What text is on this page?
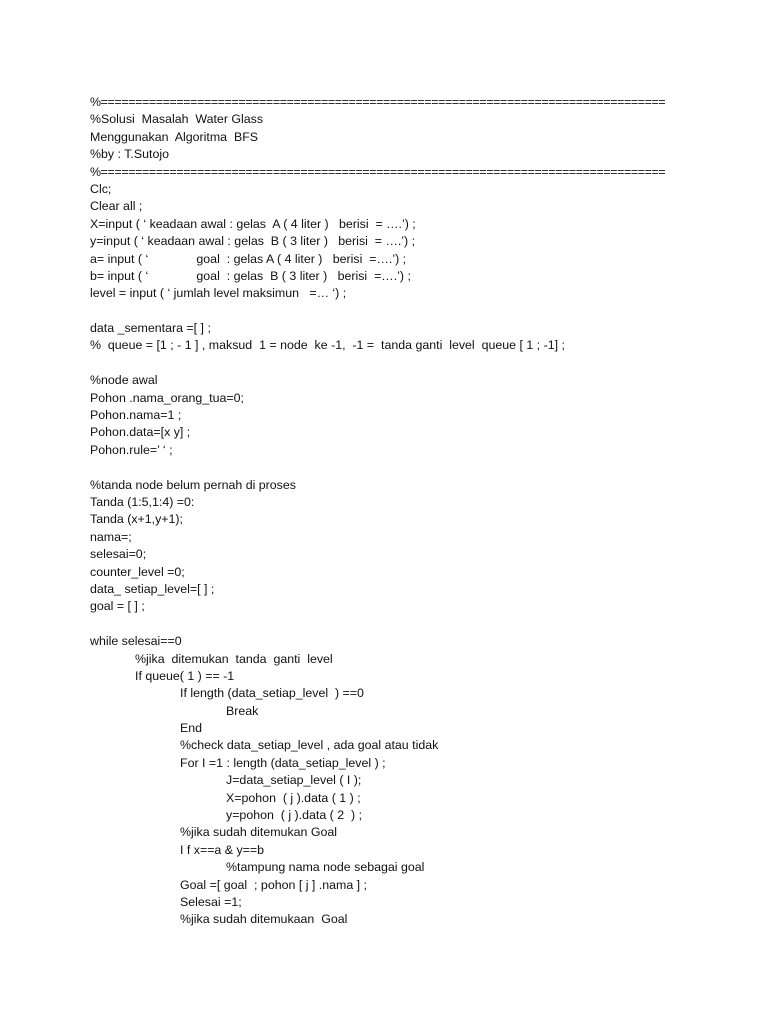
%==================================================================================
%Solusi  Masalah  Water Glass
Menggunakan  Algoritma  BFS
%by : T.Sutojo
%==================================================================================
Clc;
Clear all ;
X=input ( ‘ keadaan awal : gelas  A ( 4 liter )   berisi  = ….’) ;
y=input ( ‘ keadaan awal : gelas  B ( 3 liter )   berisi  = ….’) ;
a= input ( ‘              goal  : gelas A ( 4 liter )   berisi  =….’) ;
b= input ( ‘              goal  : gelas  B ( 3 liter )   berisi  =….’) ;
level = input ( ‘ jumlah level maksimun   =… ‘) ;
data _sementara =[ ] ;
%  queue = [1 ; - 1 ] , maksud  1 = node  ke -1,  -1 =  tanda ganti  level  queue [ 1 ; -1] ;
%node awal
Pohon .nama_orang_tua=0;
Pohon.nama=1 ;
Pohon.data=[x y] ;
Pohon.rule=’ ‘ ;
%tanda node belum pernah di proses
Tanda (1:5,1:4) =0:
Tanda (x+1,y+1);
nama=;
selesai=0;
counter_level =0;
data_ setiap_level=[ ] ;
goal = [ ] ;
while selesai==0
%jika  ditemukan  tanda  ganti  level
If queue( 1 ) == -1
If length (data_setiap_level  ) ==0
Break
End
%check data_setiap_level , ada goal atau tidak
For I =1 : length (data_setiap_level ) ;
J=data_setiap_level ( I );
X=pohon  ( j ).data ( 1 ) ;
y=pohon  ( j ).data ( 2  ) ;
%jika sudah ditemukan Goal
I f x==a & y==b
%tampung nama node sebagai goal
Goal =[ goal  ; pohon [ j ] .nama ] ;
Selesai =1;
%jika sudah ditemukaan  Goal
